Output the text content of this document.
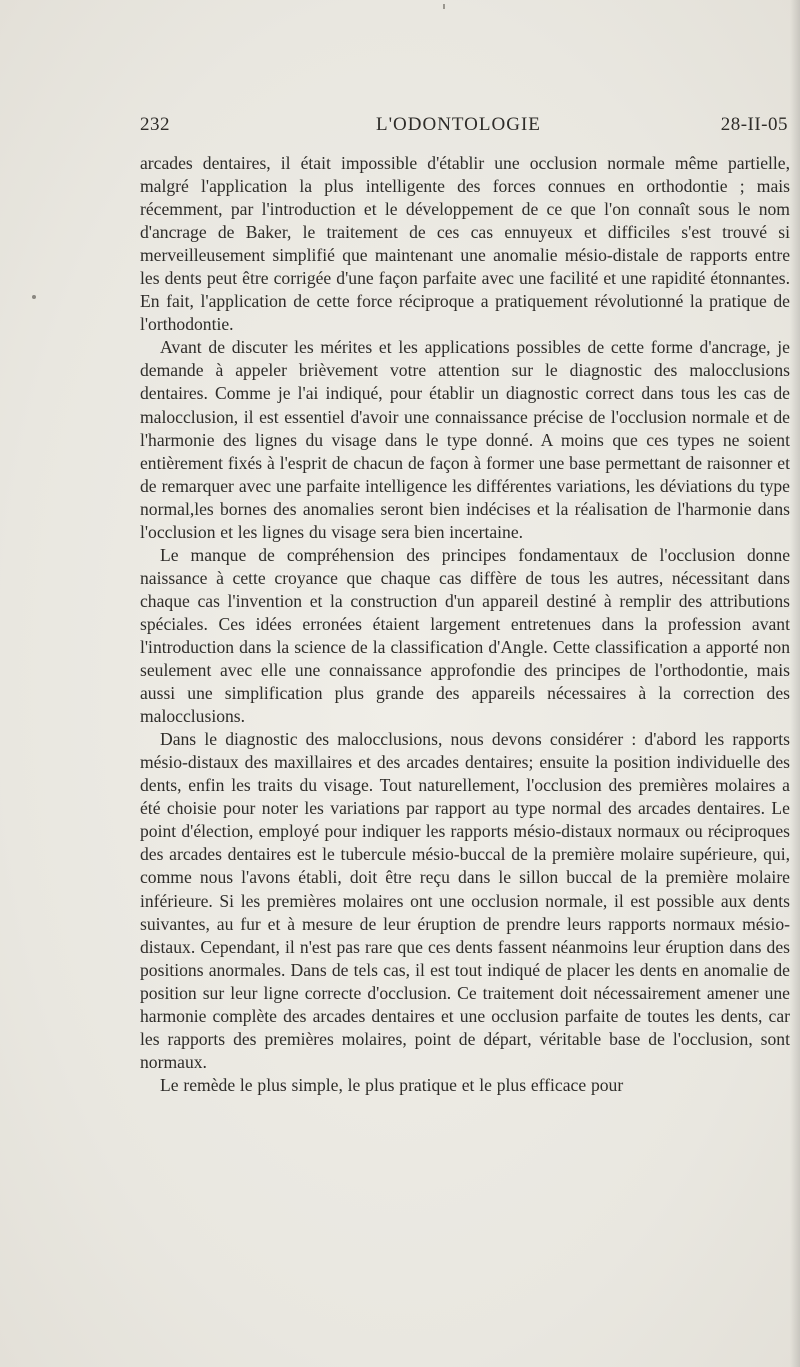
232	L'ODONTOLOGIE	28-II-05

arcades dentaires, il était impossible d'établir une occlusion normale même partielle, malgré l'application la plus intelligente des forces connues en orthodontie ; mais récemment, par l'introduction et le développement de ce que l'on connaît sous le nom d'ancrage de Baker, le traitement de ces cas ennuyeux et difficiles s'est trouvé si merveilleusement simplifié que maintenant une anomalie mésio-distale de rapports entre les dents peut être corrigée d'une façon parfaite avec une facilité et une rapidité étonnantes. En fait, l'application de cette force réciproque a pratiquement révolutionné la pratique de l'orthodontie.

Avant de discuter les mérites et les applications possibles de cette forme d'ancrage, je demande à appeler brièvement votre attention sur le diagnostic des malocclusions dentaires. Comme je l'ai indiqué, pour établir un diagnostic correct dans tous les cas de malocclusion, il est essentiel d'avoir une connaissance précise de l'occlusion normale et de l'harmonie des lignes du visage dans le type donné. A moins que ces types ne soient entièrement fixés à l'esprit de chacun de façon à former une base permettant de raisonner et de remarquer avec une parfaite intelligence les différentes variations, les déviations du type normal,les bornes des anomalies seront bien indécises et la réalisation de l'harmonie dans l'occlusion et les lignes du visage sera bien incertaine.

Le manque de compréhension des principes fondamentaux de l'occlusion donne naissance à cette croyance que chaque cas diffère de tous les autres, nécessitant dans chaque cas l'invention et la construction d'un appareil destiné à remplir des attributions spéciales. Ces idées erronées étaient largement entretenues dans la profession avant l'introduction dans la science de la classification d'Angle. Cette classification a apporté non seulement avec elle une connaissance approfondie des principes de l'orthodontie, mais aussi une simplification plus grande des appareils nécessaires à la correction des malocclusions.

Dans le diagnostic des malocclusions, nous devons considérer : d'abord les rapports mésio-distaux des maxillaires et des arcades dentaires; ensuite la position individuelle des dents, enfin les traits du visage. Tout naturellement, l'occlusion des premières molaires a été choisie pour noter les variations par rapport au type normal des arcades dentaires. Le point d'élection, employé pour indiquer les rapports mésio-distaux normaux ou réciproques des arcades dentaires est le tubercule mésio-buccal de la première molaire supérieure, qui, comme nous l'avons établi, doit être reçu dans le sillon buccal de la première molaire inférieure. Si les premières molaires ont une occlusion normale, il est possible aux dents suivantes, au fur et à mesure de leur éruption de prendre leurs rapports normaux mésio-distaux. Cependant, il n'est pas rare que ces dents fassent néanmoins leur éruption dans des positions anormales. Dans de tels cas, il est tout indiqué de placer les dents en anomalie de position sur leur ligne correcte d'occlusion. Ce traitement doit nécessairement amener une harmonie complète des arcades dentaires et une occlusion parfaite de toutes les dents, car les rapports des premières molaires, point de départ, véritable base de l'occlusion, sont normaux.

Le remède le plus simple, le plus pratique et le plus efficace pour
